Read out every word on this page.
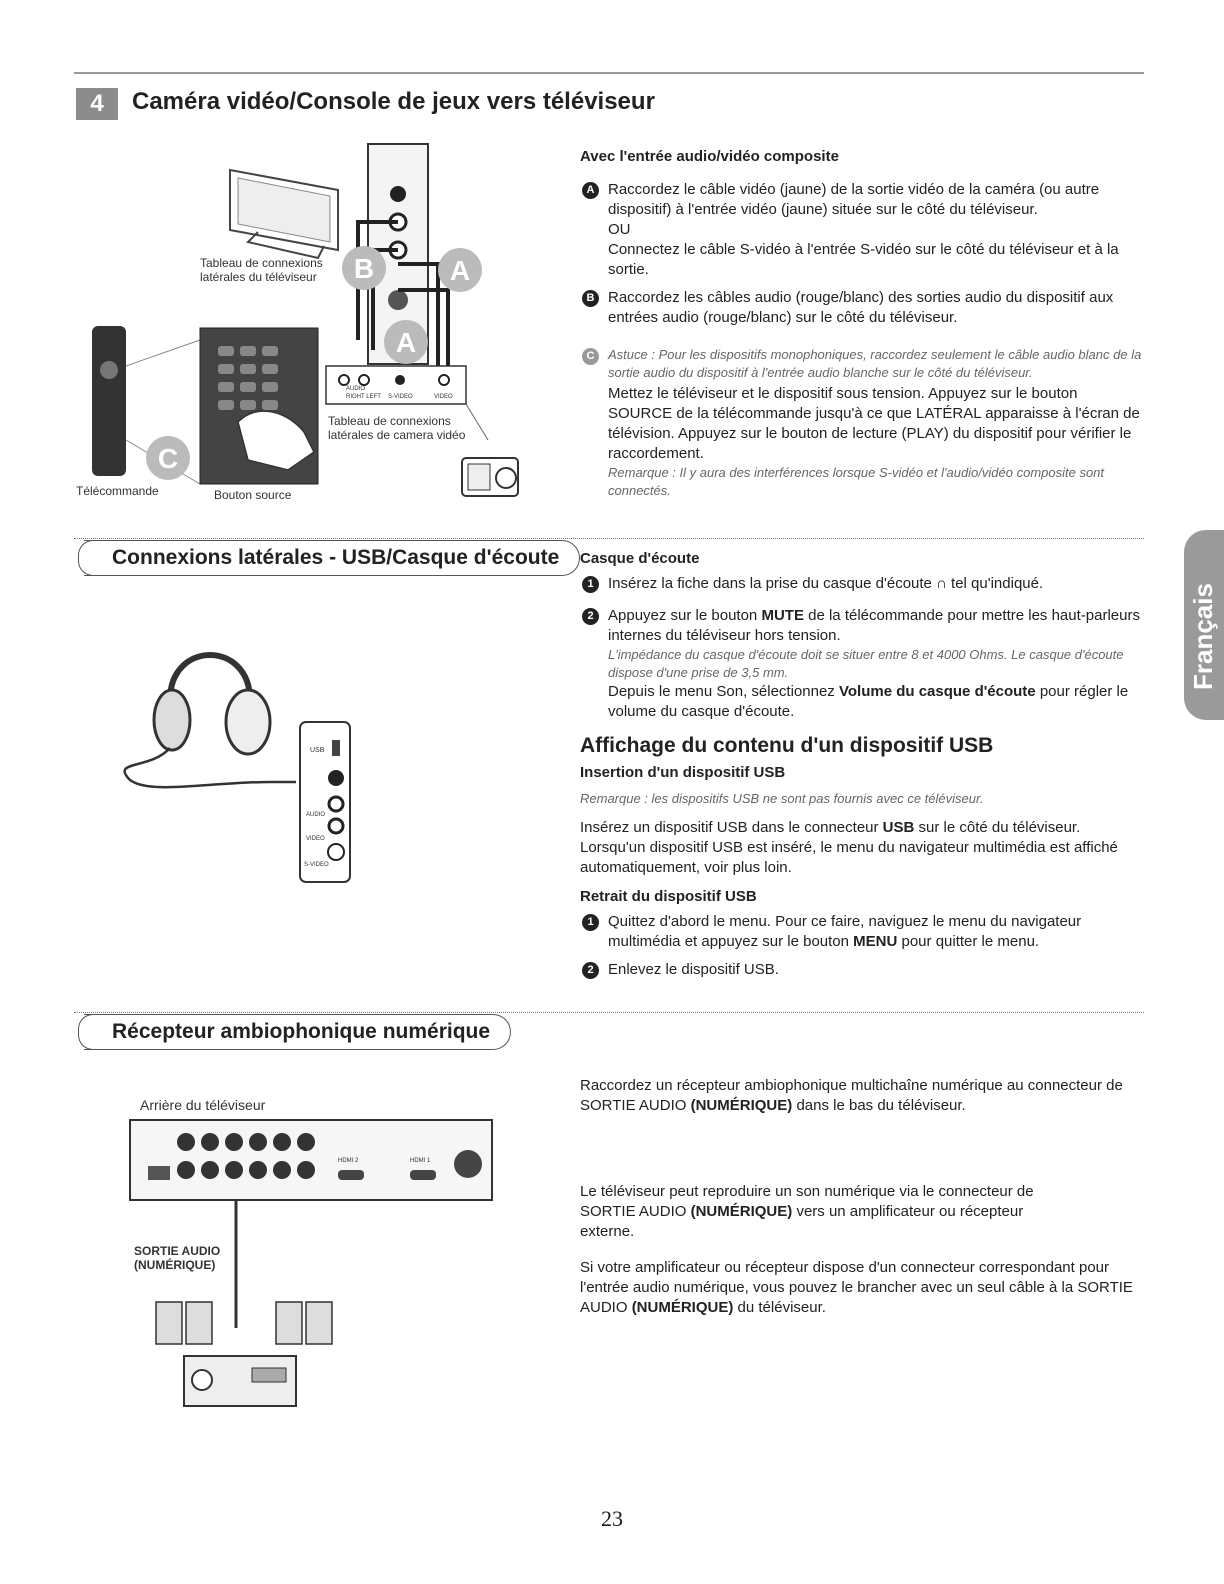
4	Caméra vidéo/Console de jeux vers téléviseur
B	A
A
RIGHT LEFT S-VIDEO	VIDEO
AUDIO
C
Tableau de connexions latérales du téléviseur
Tableau de connexions latérales de camera vidéo
Télécommande	Bouton source
Avec l'entrée audio/vidéo composite
A Raccordez le câble vidéo (jaune) de la sortie vidéo de la caméra (ou autre dispositif) à l'entrée vidéo (jaune) située sur le côté du téléviseur.
OU
Connectez le câble S-vidéo à l'entrée S-vidéo sur le côté du téléviseur et à la sortie.
B Raccordez les câbles audio (rouge/blanc) des sorties audio du dispositif aux entrées audio (rouge/blanc) sur le côté du téléviseur.
C	Astuce : Pour les dispositifs monophoniques, raccordez seulement le câble audio blanc de la sortie audio du dispositif à l'entrée audio blanche sur le côté du téléviseur.
Mettez le téléviseur et le dispositif sous tension. Appuyez sur le bouton SOURCE de la télécommande jusqu'à ce que LATÉRAL apparaisse à l'écran de télévision. Appuyez sur le bouton de lecture (PLAY) du dispositif pour vérifier le raccordement.
Remarque : Il y aura des interférences lorsque S-vidéo et l'audio/vidéo composite sont connectés.
Français
Connexions latérales - USB/Casque d'écoute
USB
AUDIO
VIDEO
S-VIDEO
Casque d'écoute
1 Insérez la fiche dans la prise du casque d'écoute ∩ tel qu'indiqué.
2 Appuyez sur le bouton MUTE de la télécommande pour mettre les haut-parleurs internes du téléviseur hors tension.
L'impédance du casque d'écoute doit se situer entre 8 et 4000 Ohms. Le casque d'écoute dispose d'une prise de 3,5 mm.
Depuis le menu Son, sélectionnez Volume du casque d'écoute pour régler le volume du casque d'écoute.
Affichage du contenu d'un dispositif USB
Insertion d'un dispositif USB
Remarque : les dispositifs USB ne sont pas fournis avec ce téléviseur.
Insérez un dispositif USB dans le connecteur USB sur le côté du téléviseur. Lorsqu'un dispositif USB est inséré, le menu du navigateur multimédia est affiché automatiquement, voir plus loin.
Retrait du dispositif USB
1 Quittez d'abord le menu. Pour ce faire, naviguez le menu du navigateur multimédia et appuyez sur le bouton MENU pour quitter le menu.
2 Enlevez le dispositif USB.
Récepteur ambiophonique numérique
Arrière du téléviseur
HDMI 2	HDMI 1
SORTIE AUDIO
(NUMÉRIQUE)
Raccordez un récepteur ambiophonique multichaîne numérique au connecteur de SORTIE AUDIO (NUMÉRIQUE) dans le bas du téléviseur.
Le téléviseur peut reproduire un son numérique via le connecteur de SORTIE AUDIO (NUMÉRIQUE) vers un amplificateur ou récepteur externe.
Si votre amplificateur ou récepteur dispose d'un connecteur correspondant pour l'entrée audio numérique, vous pouvez le brancher avec un seul câble à la SORTIE AUDIO (NUMÉRIQUE) du téléviseur.
23
